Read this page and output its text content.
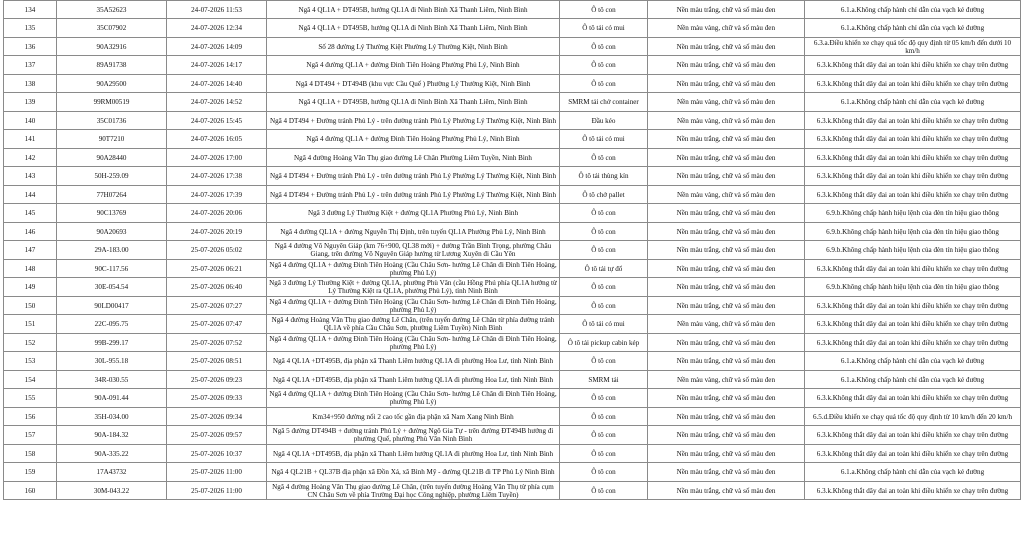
134	35A52623	24-07-2026 11:53	Ngã 4 QL1A + DT495B, hướng QL1A đi Ninh Bình Xã Thanh Liêm, Ninh Bình	Ô tô con	Nền màu trắng, chữ và số màu đen	6.1.a.Không chấp hành chỉ dẫn của vạch kẻ đường
135	35C07902	24-07-2026 12:34	Ngã 4 QL1A + DT495B, hướng QL1A đi Ninh Bình Xã Thanh Liêm, Ninh Bình	Ô tô tải có mui	Nền màu vàng, chữ và số màu đen	6.1.a.Không chấp hành chỉ dẫn của vạch kẻ đường
136	90A32916	24-07-2026 14:09	Số 28 đường Lý Thường Kiệt Phường Lý Thường Kiệt, Ninh Bình	Ô tô con	Nền màu trắng, chữ và số màu đen	6.3.a.Điều khiển xe chạy quá tốc độ quy định từ 05 km/h đến dưới 10 km/h
137	89A91738	24-07-2026 14:17	Ngã 4 đường QL1A + đường Đinh Tiên Hoàng Phường Phủ Lý, Ninh Bình	Ô tô con	Nền màu trắng, chữ và số màu đen	6.3.k.Không thắt dây đai an toàn khi điều khiển xe chạy trên đường
138	90A29500	24-07-2026 14:40	Ngã 4 DT494 + DT494B (khu vực Cầu Quế ) Phường Lý Thường Kiệt, Ninh Bình	Ô tô con	Nền màu trắng, chữ và số màu đen	6.3.k.Không thắt dây đai an toàn khi điều khiển xe chạy trên đường
139	99RM00519	24-07-2026 14:52	Ngã 4 QL1A + DT495B, hướng QL1A đi Ninh Bình Xã Thanh Liêm, Ninh Bình	SMRM tải chở container	Nền màu vàng, chữ và số màu đen	6.1.a.Không chấp hành chỉ dẫn của vạch kẻ đường
140	35C01736	24-07-2026 15:45	Ngã 4 DT494 + Đường tránh Phủ Lý - trên đường tránh Phủ Lý Phường Lý Thường Kiệt, Ninh Bình	Đầu kéo	Nền màu vàng, chữ và số màu đen	6.3.k.Không thắt dây đai an toàn khi điều khiển xe chạy trên đường
141	90T7210	24-07-2026 16:05	Ngã 4 đường QL1A + đường Đinh Tiên Hoàng Phường Phủ Lý, Ninh Bình	Ô tô tải có mui	Nền màu trắng, chữ và số màu đen	6.3.k.Không thắt dây đai an toàn khi điều khiển xe chạy trên đường
142	90A28440	24-07-2026 17:00	Ngã 4 đường Hoàng Văn Thụ giao đường Lê Chân Phường Liêm Tuyền, Ninh Bình	Ô tô con	Nền màu trắng, chữ và số màu đen	6.3.k.Không thắt dây đai an toàn khi điều khiển xe chạy trên đường
143	50H-259.09	24-07-2026 17:38	Ngã 4 DT494 + Đường tránh Phủ Lý - trên đường tránh Phủ Lý Phường Lý Thường Kiệt, Ninh Bình	Ô tô tải thùng kín	Nền màu trắng, chữ và số màu đen	6.3.k.Không thắt dây đai an toàn khi điều khiển xe chạy trên đường
144	77H07264	24-07-2026 17:39	Ngã 4 DT494 + Đường tránh Phủ Lý - trên đường tránh Phủ Lý Phường Lý Thường Kiệt, Ninh Bình	Ô tô chở pallet	Nền màu vàng, chữ và số màu đen	6.3.k.Không thắt dây đai an toàn khi điều khiển xe chạy trên đường
145	90C13769	24-07-2026 20:06	Ngã 3 đường Lý Thường Kiệt + đường QL1A Phường Phủ Lý, Ninh Bình	Ô tô con	Nền màu trắng, chữ và số màu đen	6.9.b.Không chấp hành hiệu lệnh của đèn tín hiệu giao thông
146	90A20693	24-07-2026 20:19	Ngã 4 đường QL1A + đường Nguyễn Thị Định, trên tuyến QL1A Phường Phủ Lý, Ninh Bình	Ô tô con	Nền màu trắng, chữ và số màu đen	6.9.b.Không chấp hành hiệu lệnh của đèn tín hiệu giao thông
147	29A-183.00	25-07-2026 05:02	Ngã 4 đường Võ Nguyên Giáp (km 76+900, QL38 mới) + đường Trần Bình Trọng, phường Châu Giang, trên đường Võ Nguyên Giáp hướng từ Lương Xuyên đi Cầu Yên	Ô tô con	Nền màu trắng, chữ và số màu đen	6.9.b.Không chấp hành hiệu lệnh của đèn tín hiệu giao thông
148	90C-117.56	25-07-2026 06:21	Ngã 4 đường QL1A + đường Đinh Tiên Hoàng (Cầu Châu Sơn- hướng Lê Chân đi Đinh Tiên Hoàng, phường Phủ Lý)	Ô tô tải tự đổ	Nền màu trắng, chữ và số màu đen	6.3.k.Không thắt dây đai an toàn khi điều khiển xe chạy trên đường
149	30E-054.54	25-07-2026 06:40	Ngã 3 đường Lý Thường Kiệt + đường QL1A, phường Phù Vân (cầu Hồng Phú phía QL1A hướng từ Lý Thường Kiệt ra QL1A, phường Phủ Lý), tỉnh Ninh Bình	Ô tô con	Nền màu trắng, chữ và số màu đen	6.9.b.Không chấp hành hiệu lệnh của đèn tín hiệu giao thông
150	90LD00417	25-07-2026 07:27	Ngã 4 đường QL1A + đường Đinh Tiên Hoàng (Cầu Châu Sơn- hướng Lê Chân đi Đinh Tiên Hoàng, phường Phủ Lý)	Ô tô con	Nền màu trắng, chữ và số màu đen	6.3.k.Không thắt dây đai an toàn khi điều khiển xe chạy trên đường
151	22C-095.75	25-07-2026 07:47	Ngã 4 đường Hoàng Văn Thụ giao đường Lê Chân, (trên tuyến đường Lê Chân từ phía đường tránh QL1A về phía Cầu Châu Sơn, phường Liêm Tuyền) Ninh Bình	Ô tô tải có mui	Nền màu vàng, chữ và số màu đen	6.3.k.Không thắt dây đai an toàn khi điều khiển xe chạy trên đường
152	99B-299.17	25-07-2026 07:52	Ngã 4 đường QL1A + đường Đinh Tiên Hoàng (Cầu Châu Sơn- hướng Lê Chân đi Đinh Tiên Hoàng, phường Phủ Lý)	Ô tô tải pickup cabin kép	Nền màu trắng, chữ và số màu đen	6.3.k.Không thắt dây đai an toàn khi điều khiển xe chạy trên đường
153	30L-955.18	25-07-2026 08:51	Ngã 4 QL1A +DT495B, địa phận xã Thanh Liêm hướng QL1A đi phường Hoa Lư, tỉnh Ninh Bình	Ô tô con	Nền màu trắng, chữ và số màu đen	6.1.a.Không chấp hành chỉ dẫn của vạch kẻ đường
154	34R-030.55	25-07-2026 09:23	Ngã 4 QL1A +DT495B, địa phận xã Thanh Liêm hướng QL1A đi phường Hoa Lư, tỉnh Ninh Bình	SMRM tải	Nền màu vàng, chữ và số màu đen	6.1.a.Không chấp hành chỉ dẫn của vạch kẻ đường
155	90A-091.44	25-07-2026 09:33	Ngã 4 đường QL1A + đường Đinh Tiên Hoàng (Cầu Châu Sơn- hướng Lê Chân đi Đinh Tiên Hoàng, phường Phủ Lý)	Ô tô con	Nền màu trắng, chữ và số màu đen	6.3.k.Không thắt dây đai an toàn khi điều khiển xe chạy trên đường
156	35H-034.00	25-07-2026 09:34	Km34+950 đường nối 2 cao tốc gần địa phận xã Nam Xang Ninh Bình	Ô tô con	Nền màu trắng, chữ và số màu đen	6.5.d.Điều khiển xe chạy quá tốc độ quy định từ 10 km/h đến 20 km/h
157	90A-184.32	25-07-2026 09:57	Ngã 5 đường DT494B + đường tránh Phủ Lý + đường Ngô Gia Tự - trên đường ĐT494B hướng đi phường Quế, phường Phù Vân Ninh Bình	Ô tô con	Nền màu trắng, chữ và số màu đen	6.3.k.Không thắt dây đai an toàn khi điều khiển xe chạy trên đường
158	90A-335.22	25-07-2026 10:37	Ngã 4 QL1A +DT495B, địa phận xã Thanh Liêm hướng QL1A đi phường Hoa Lư, tỉnh Ninh Bình	Ô tô con	Nền màu trắng, chữ và số màu đen	6.3.k.Không thắt dây đai an toàn khi điều khiển xe chạy trên đường
159	17A43732	25-07-2026 11:00	Ngã 4 QL21B + QL37B địa phận xã Đồn Xá, xã Bình Mỹ - đường QL21B đi TP Phủ Lý Ninh Bình	Ô tô con	Nền màu trắng, chữ và số màu đen	6.1.a.Không chấp hành chỉ dẫn của vạch kẻ đường
160	30M-043.22	25-07-2026 11:00	Ngã 4 đường Hoàng Văn Thụ giao đường Lê Chân, (trên tuyến đường Hoàng Văn Thụ từ phía cụm CN Châu Sơn về phía Trường Đại học Công nghiệp, phường Liêm Tuyền)	Ô tô con	Nền màu trắng, chữ và số màu đen	6.3.k.Không thắt dây đai an toàn khi điều khiển xe chạy trên đường
